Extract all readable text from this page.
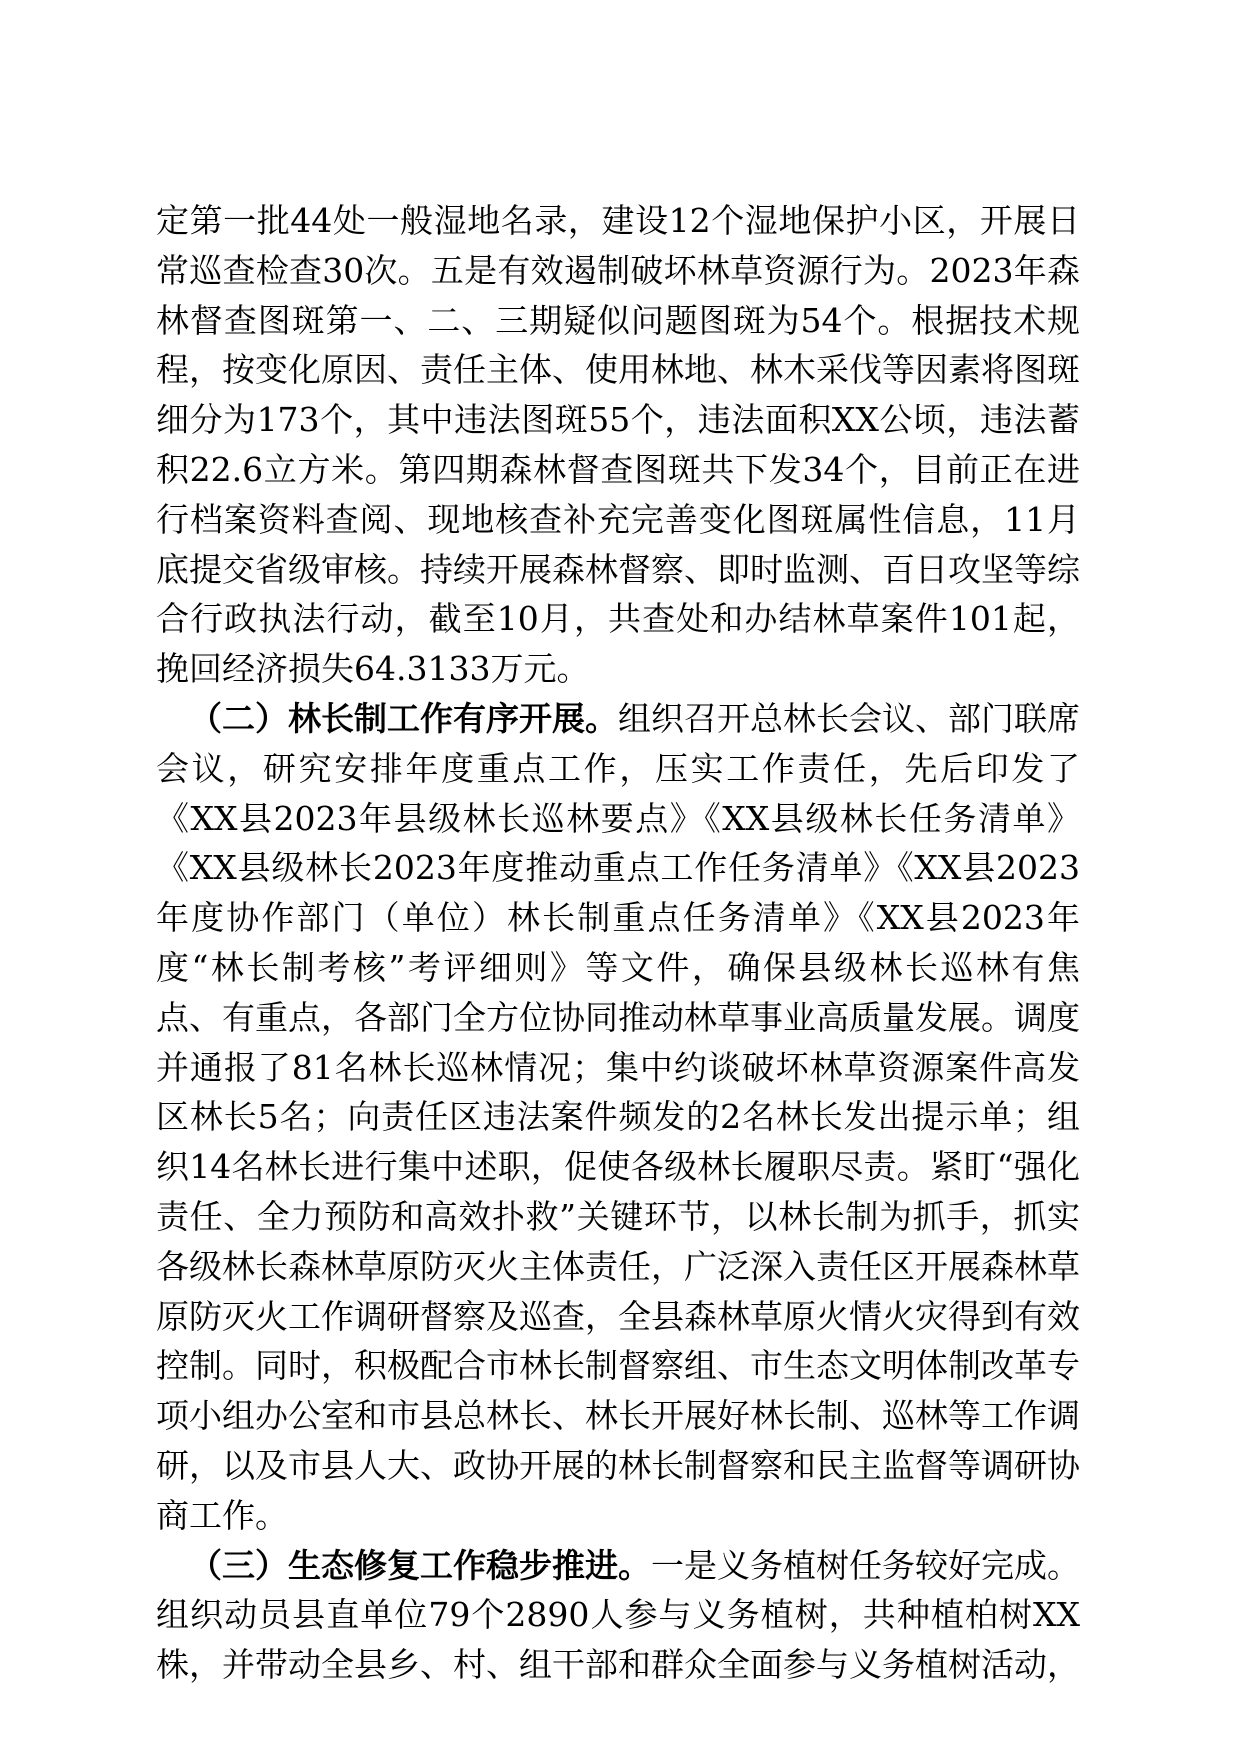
定第一批44处一般湿地名录，建设12个湿地保护小区，开展日常巡查检查30次。五是有效遏制破坏林草资源行为。2023年森林督查图斑第一、二、三期疑似问题图斑为54个。根据技术规程，按变化原因、责任主体、使用林地、林木采伐等因素将图斑细分为173个，其中违法图斑55个，违法面积XX公顷，违法蓄积22.6立方米。第四期森林督查图斑共下发34个，目前正在进行档案资料查阅、现地核查补充完善变化图斑属性信息，11月底提交省级审核。持续开展森林督察、即时监测、百日攻坚等综合行政执法行动，截至10月，共查处和办结林草案件101起，挽回经济损失64.3133万元。

（二）林长制工作有序开展。组织召开总林长会议、部门联席会议，研究安排年度重点工作，压实工作责任，先后印发了《XX县2023年县级林长巡林要点》《XX县级林长任务清单》《XX县级林长2023年度推动重点工作任务清单》《XX县2023年度协作部门（单位）林长制重点任务清单》《XX县2023年度“林长制考核”考评细则》等文件，确保县级林长巡林有焦点、有重点，各部门全方位协同推动林草事业高质量发展。调度并通报了81名林长巡林情况；集中约谈破坏林草资源案件高发区林长5名；向责任区违法案件频发的2名林长发出提示单；组织14名林长进行集中述职，促使各级林长履职尽责。紧盯“强化责任、全力预防和高效扑救”关键环节，以林长制为抓手，抓实各级林长森林草原防灭火主体责任，广泛深入责任区开展森林草原防灭火工作调研督察及巡查，全县森林草原火情火灾得到有效控制。同时，积极配合市林长制督察组、市生态文明体制改革专项小组办公室和市县总林长、林长开展好林长制、巡林等工作调研，以及市县人大、政协开展的林长制督察和民主监督等调研协商工作。

（三）生态修复工作稳步推进。一是义务植树任务较好完成。组织动员县直单位79个2890人参与义务植树，共种植柏树XX株，并带动全县乡、村、组干部和群众全面参与义务植树活动，
